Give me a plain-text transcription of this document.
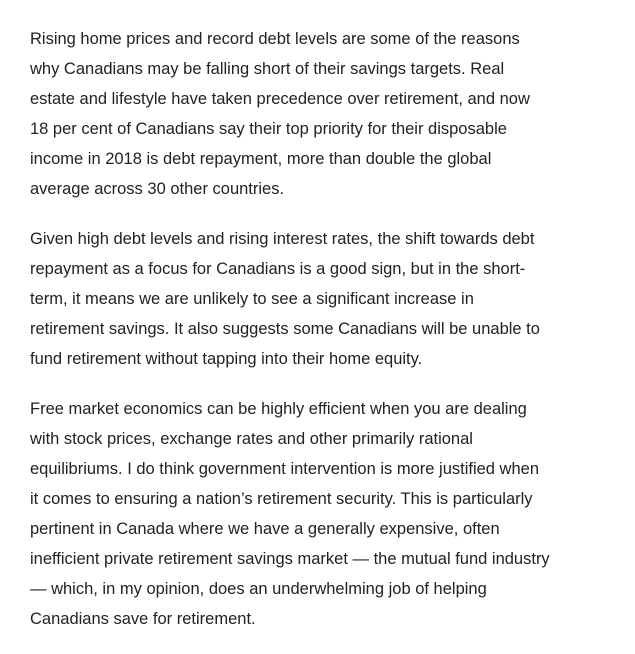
Rising home prices and record debt levels are some of the reasons
why Canadians may be falling short of their savings targets. Real
estate and lifestyle have taken precedence over retirement, and now
18 per cent of Canadians say their top priority for their disposable
income in 2018 is debt repayment, more than double the global
average across 30 other countries.

Given high debt levels and rising interest rates, the shift towards debt
repayment as a focus for Canadians is a good sign, but in the short-
term, it means we are unlikely to see a significant increase in
retirement savings. It also suggests some Canadians will be unable to
fund retirement without tapping into their home equity.

Free market economics can be highly efficient when you are dealing
with stock prices, exchange rates and other primarily rational
equilibriums. I do think government intervention is more justified when
it comes to ensuring a nation’s retirement security. This is particularly
pertinent in Canada where we have a generally expensive, often
inefficient private retirement savings market — the mutual fund industry
— which, in my opinion, does an underwhelming job of helping
Canadians save for retirement.
